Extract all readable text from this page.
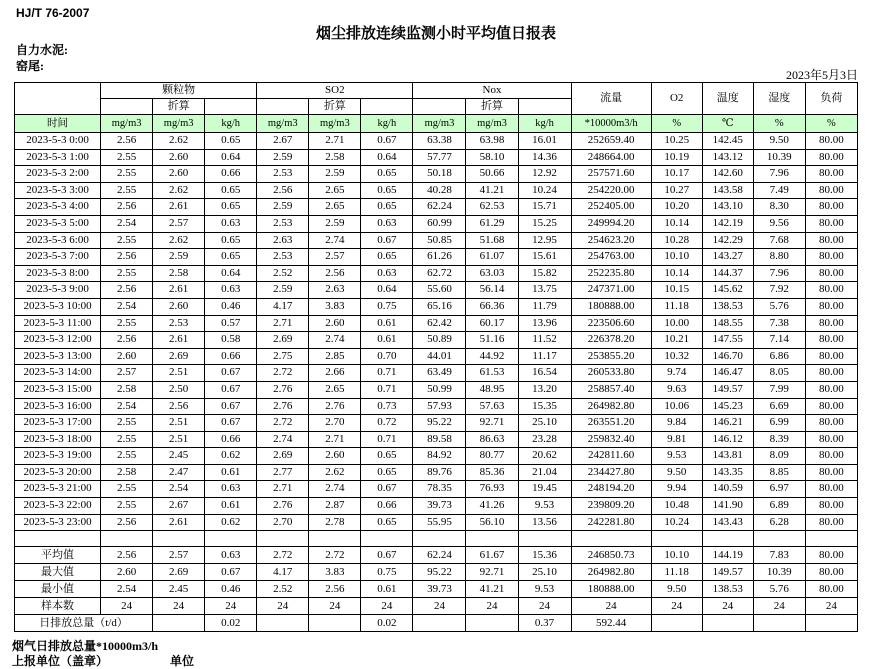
HJ/T 76-2007
烟尘排放连续监测小时平均值日报表
自力水泥:
窑尾:
2023年5月3日
	颗粒物			SO2			Nox			流量	O2	温度	湿度	负荷
		折算			折算			折算						
时间	mg/m3	mg/m3	kg/h	mg/m3	mg/m3	kg/h	mg/m3	mg/m3	kg/h	*10000m3/h	%	℃	%	%
2023-5-3 0:00	2.56	2.62	0.65	2.67	2.71	0.67	63.38	63.98	16.01	252659.40	10.25	142.45	9.50	80.00
2023-5-3 1:00	2.55	2.60	0.64	2.59	2.58	0.64	57.77	58.10	14.36	248664.00	10.19	143.12	10.39	80.00
2023-5-3 2:00	2.55	2.60	0.66	2.53	2.59	0.65	50.18	50.66	12.92	257571.60	10.17	142.60	7.96	80.00
2023-5-3 3:00	2.55	2.62	0.65	2.56	2.65	0.65	40.28	41.21	10.24	254220.00	10.27	143.58	7.49	80.00
2023-5-3 4:00	2.56	2.61	0.65	2.59	2.65	0.65	62.24	62.53	15.71	252405.00	10.20	143.10	8.30	80.00
2023-5-3 5:00	2.54	2.57	0.63	2.53	2.59	0.63	60.99	61.29	15.25	249994.20	10.14	142.19	9.56	80.00
2023-5-3 6:00	2.55	2.62	0.65	2.63	2.74	0.67	50.85	51.68	12.95	254623.20	10.28	142.29	7.68	80.00
2023-5-3 7:00	2.56	2.59	0.65	2.53	2.57	0.65	61.26	61.07	15.61	254763.00	10.10	143.27	8.80	80.00
2023-5-3 8:00	2.55	2.58	0.64	2.52	2.56	0.63	62.72	63.03	15.82	252235.80	10.14	144.37	7.96	80.00
2023-5-3 9:00	2.56	2.61	0.63	2.59	2.63	0.64	55.60	56.14	13.75	247371.00	10.15	145.62	7.92	80.00
2023-5-3 10:00	2.54	2.60	0.46	4.17	3.83	0.75	65.16	66.36	11.79	180888.00	11.18	138.53	5.76	80.00
2023-5-3 11:00	2.55	2.53	0.57	2.71	2.60	0.61	62.42	60.17	13.96	223506.60	10.00	148.55	7.38	80.00
2023-5-3 12:00	2.56	2.61	0.58	2.69	2.74	0.61	50.89	51.16	11.52	226378.20	10.21	147.55	7.14	80.00
2023-5-3 13:00	2.60	2.69	0.66	2.75	2.85	0.70	44.01	44.92	11.17	253855.20	10.32	146.70	6.86	80.00
2023-5-3 14:00	2.57	2.51	0.67	2.72	2.66	0.71	63.49	61.53	16.54	260533.80	9.74	146.47	8.05	80.00
2023-5-3 15:00	2.58	2.50	0.67	2.76	2.65	0.71	50.99	48.95	13.20	258857.40	9.63	149.57	7.99	80.00
2023-5-3 16:00	2.54	2.56	0.67	2.76	2.76	0.73	57.93	57.63	15.35	264982.80	10.06	145.23	6.69	80.00
2023-5-3 17:00	2.55	2.51	0.67	2.72	2.70	0.72	95.22	92.71	25.10	263551.20	9.84	146.21	6.99	80.00
2023-5-3 18:00	2.55	2.51	0.66	2.74	2.71	0.71	89.58	86.63	23.28	259832.40	9.81	146.12	8.39	80.00
2023-5-3 19:00	2.55	2.45	0.62	2.69	2.60	0.65	84.92	80.77	20.62	242811.60	9.53	143.81	8.09	80.00
2023-5-3 20:00	2.58	2.47	0.61	2.77	2.62	0.65	89.76	85.36	21.04	234427.80	9.50	143.35	8.85	80.00
2023-5-3 21:00	2.55	2.54	0.63	2.71	2.74	0.67	78.35	76.93	19.45	248194.20	9.94	140.59	6.97	80.00
2023-5-3 22:00	2.55	2.67	0.61	2.76	2.87	0.66	39.73	41.26	9.53	239809.20	10.48	141.90	6.89	80.00
2023-5-3 23:00	2.56	2.61	0.62	2.70	2.78	0.65	55.95	56.10	13.56	242281.80	10.24	143.43	6.28	80.00

平均值	2.56	2.57	0.63	2.72	2.72	0.67	62.24	61.67	15.36	246850.73	10.10	144.19	7.83	80.00
最大值	2.60	2.69	0.67	4.17	3.83	0.75	95.22	92.71	25.10	264982.80	11.18	149.57	10.39	80.00
最小值	2.54	2.45	0.46	2.52	2.56	0.61	39.73	41.21	9.53	180888.00	9.50	138.53	5.76	80.00
样本数	24	24	24	24	24	24	24	24	24	24	24	24	24	24
日排放总量（t/d）			0.02			0.02			0.37	592.44				
烟气日排放总量*10000m3/h
上报单位（盖章）	单位
